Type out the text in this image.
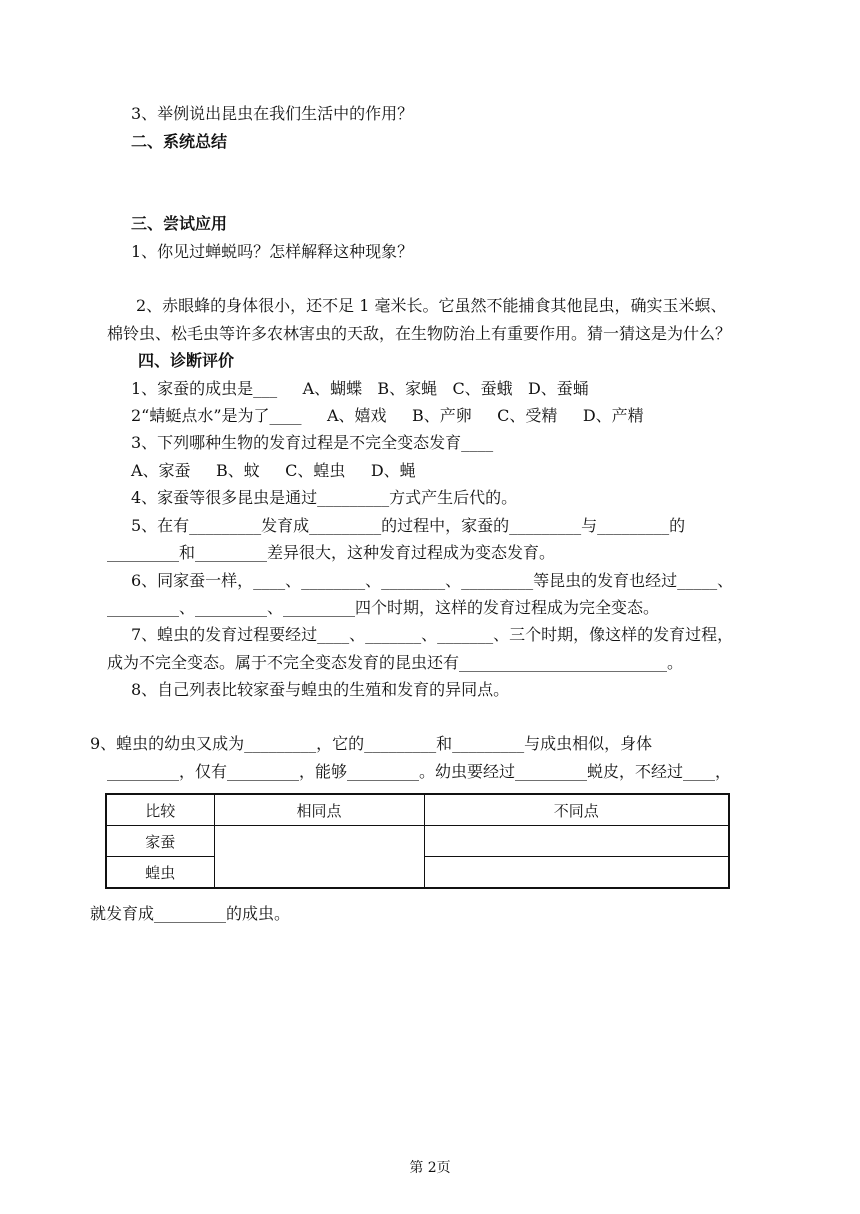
3、举例说出昆虫在我们生活中的作用？
二、系统总结
三、尝试应用
1、你见过蝉蜕吗？怎样解释这种现象？
2、赤眼蜂的身体很小，还不足 1 毫米长。它虽然不能捕食其他昆虫，确实玉米螟、
棉铃虫、松毛虫等许多农林害虫的天敌，在生物防治上有重要作用。猜一猜这是为什么？
四、诊断评价
1、家蚕的成虫是___     A、蝴蝶   B、家蝇   C、蚕蛾   D、蚕蛹
2“蜻蜓点水”是为了____     A、嬉戏     B、产卵     C、受精     D、产精
3、下列哪种生物的发育过程是不完全变态发育____
A、家蚕     B、蚊     C、蝗虫     D、蝇
4、家蚕等很多昆虫是通过_________方式产生后代的。
5、在有_________发育成_________的过程中，家蚕的_________与_________的
_________和_________差异很大，这种发育过程成为变态发育。
6、同家蚕一样，____、________、________、_________等昆虫的发育也经过_____、
_________、_________、_________四个时期，这样的发育过程成为完全变态。
7、蝗虫的发育过程要经过____、_______、_______、三个时期，像这样的发育过程，
成为不完全变态。属于不完全变态发育的昆虫还有__________________________。
8、自己列表比较家蚕与蝗虫的生殖和发育的异同点。
9、蝗虫的幼虫又成为_________，它的_________和_________与成虫相似，身体
_________，仅有_________，能够_________。幼虫要经过_________蜕皮，不经过____，
就发育成_________的成虫。
比较	相同点	不同点
家蚕		
蝗虫		
第 2页
